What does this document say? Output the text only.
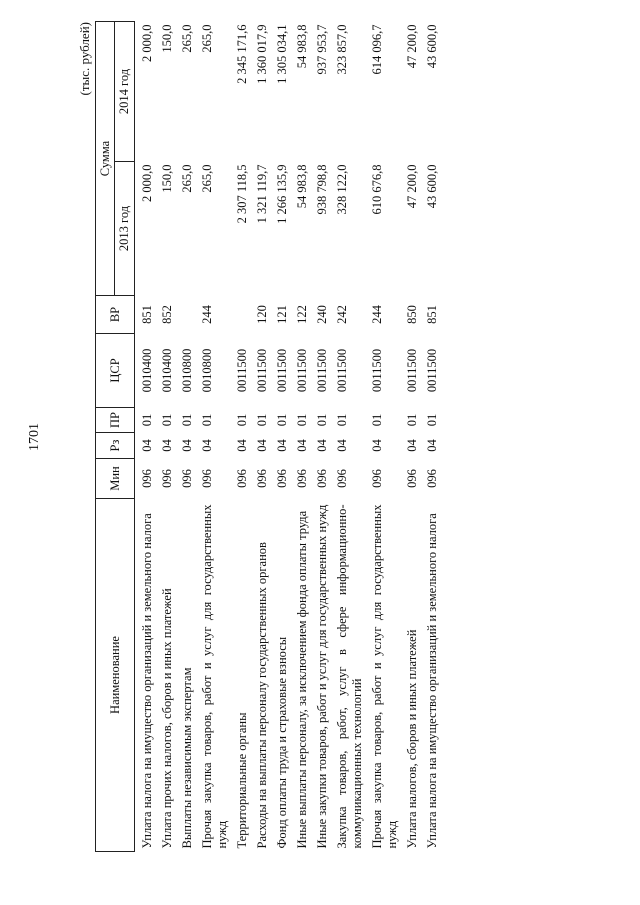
1701
(тыс. рублей)
Наименование	Мин	Рз	ПР	ЦСР	ВР	Сумма	
						2013 год	2014 год
Уплата налога на имущество организаций и земельного налога	096	04	01	0010400	851	2 000,0	2 000,0
Уплата прочих налогов, сборов и иных платежей	096	04	01	0010400	852	150,0	150,0
Выплаты независимым экспертам	096	04	01	0010800		265,0	265,0
Прочая закупка товаров, работ и услуг для государственных нужд	096	04	01	0010800	244	265,0	265,0
Территориальные органы	096	04	01	0011500		2 307 118,5	2 345 171,6
Расходы на выплаты персоналу государственных органов	096	04	01	0011500	120	1 321 119,7	1 360 017,9
Фонд оплаты труда и страховые взносы	096	04	01	0011500	121	1 266 135,9	1 305 034,1
Иные выплаты персоналу, за исключением фонда оплаты труда	096	04	01	0011500	122	54 983,8	54 983,8
Иные закупки товаров, работ и услуг для государственных нужд	096	04	01	0011500	240	938 798,8	937 953,7
Закупка товаров, работ, услуг в сфере информационно-коммуникационных технологий	096	04	01	0011500	242	328 122,0	323 857,0
Прочая закупка товаров, работ и услуг для государственных нужд	096	04	01	0011500	244	610 676,8	614 096,7
Уплата налогов, сборов и иных платежей	096	04	01	0011500	850	47 200,0	47 200,0
Уплата налога на имущество организаций и земельного налога	096	04	01	0011500	851	43 600,0	43 600,0
